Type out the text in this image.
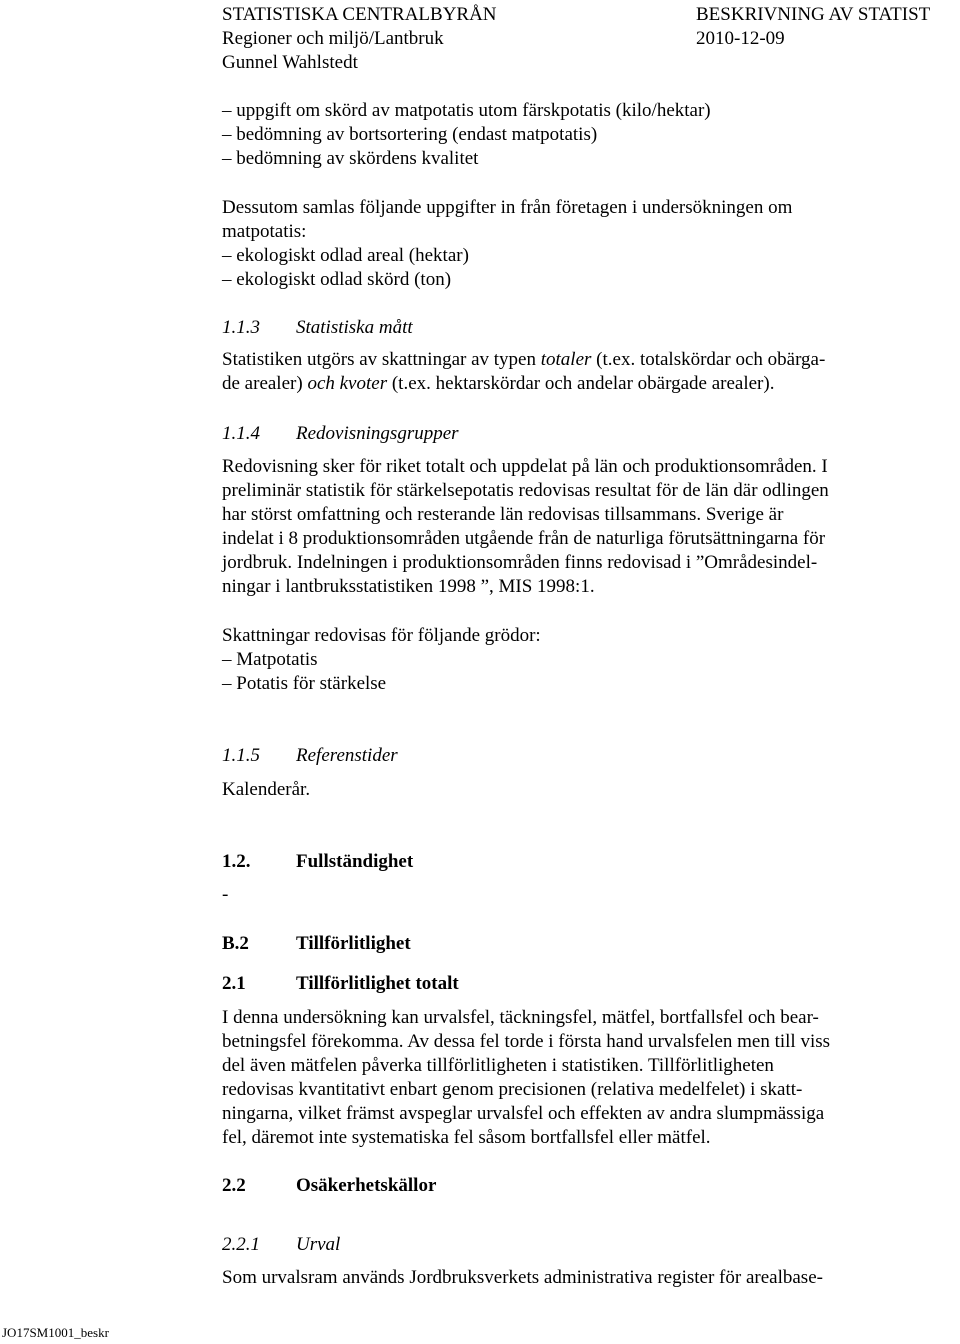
STATISTISKA CENTRALBYRÅN	BESKRIVNING AV STATIST
Regioner och miljö/Lantbruk	2010-12-09
Gunnel Wahlstedt
– uppgift om skörd av matpotatis utom färskpotatis (kilo/hektar)
– bedömning av bortsortering (endast matpotatis)
– bedömning av skördens kvalitet
Dessutom samlas följande uppgifter in från företagen i undersökningen om
matpotatis:
– ekologiskt odlad areal (hektar)
– ekologiskt odlad skörd (ton)
1.1.3 Statistiska mått
Statistiken utgörs av skattningar av typen totaler (t.ex. totalskördar och obärga-
de arealer) och kvoter (t.ex. hektarskördar och andelar obärgade arealer).
1.1.4 Redovisningsgrupper
Redovisning sker för riket totalt och uppdelat på län och produktionsområden. I
preliminär statistik för stärkelsepotatis redovisas resultat för de län där odlingen
har störst omfattning och resterande län redovisas tillsammans. Sverige är
indelat i 8 produktionsområden utgående från de naturliga förutsättningarna för
jordbruk. Indelningen i produktionsområden finns redovisad i ”Områdesindel-
ningar i lantbruksstatistiken 1998 ”, MIS 1998:1.
Skattningar redovisas för följande grödor:
– Matpotatis
– Potatis för stärkelse
1.1.5 Referenstider
Kalenderår.
1.2. Fullständighet
-
B.2 Tillförlitlighet
2.1	Tillförlitlighet totalt
I denna undersökning kan urvalsfel, täckningsfel, mätfel, bortfallsfel och bear-
betningsfel förekomma. Av dessa fel torde i första hand urvalsfelen men till viss
del även mätfelen påverka tillförlitligheten i statistiken. Tillförlitligheten
redovisas kvantitativt enbart genom precisionen (relativa medelfelet) i skatt-
ningarna, vilket främst avspeglar urvalsfel och effekten av andra slumpmässiga
fel, däremot inte systematiska fel såsom bortfallsfel eller mätfel.
2.2	Osäkerhetskällor
2.2.1 Urval
Som urvalsram används Jordbruksverkets administrativa register för arealbase-
JO17SM1001_beskr
